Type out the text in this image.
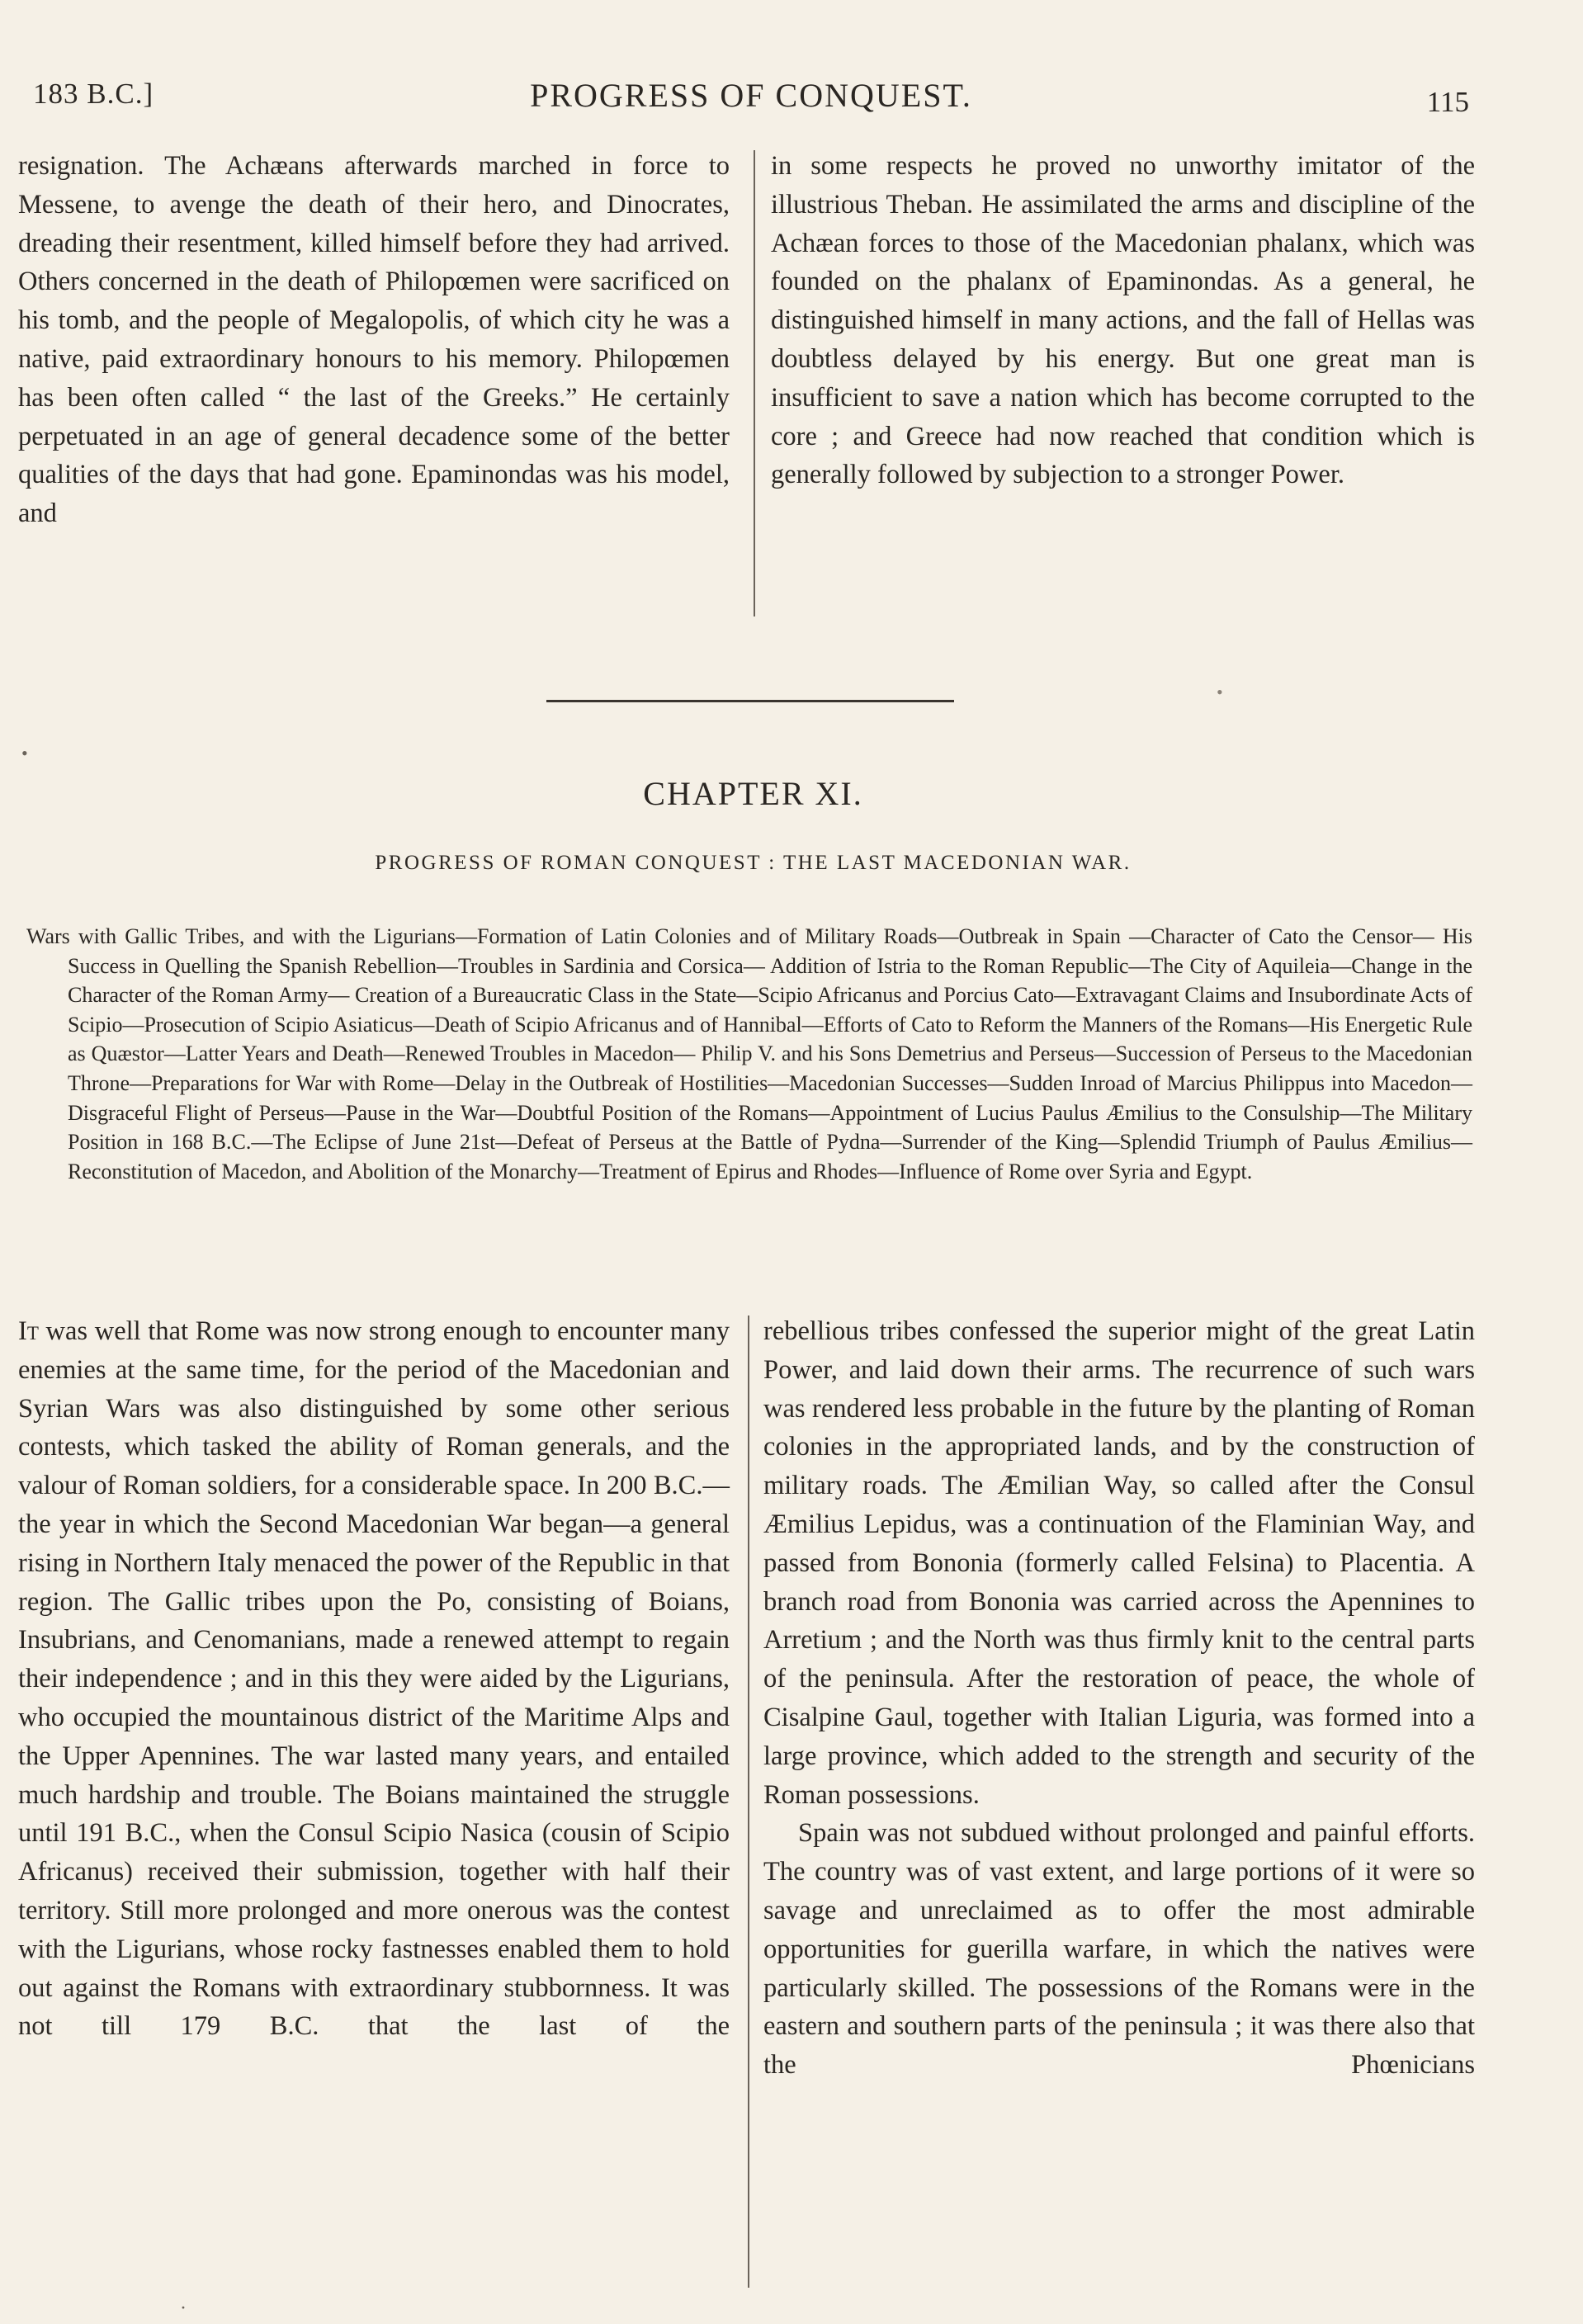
183 B.C.]	PROGRESS OF CONQUEST.	115

resignation. The Achæans afterwards marched in force to Messene, to avenge the death of their hero, and Dinocrates, dreading their resentment, killed himself before they had arrived. Others concerned in the death of Philopœmen were sacrificed on his tomb, and the people of Megalopolis, of which city he was a native, paid extraordinary honours to his memory. Philopœmen has been often called “ the last of the Greeks.” He certainly perpetuated in an age of general decadence some of the better qualities of the days that had gone. Epaminondas was his model, and

in some respects he proved no unworthy imitator of the illustrious Theban. He assimilated the arms and discipline of the Achæan forces to those of the Macedonian phalanx, which was founded on the phalanx of Epaminondas. As a general, he distinguished himself in many actions, and the fall of Hellas was doubtless delayed by his energy. But one great man is insufficient to save a nation which has become corrupted to the core ; and Greece had now reached that condition which is generally followed by subjection to a stronger Power.

•
•
CHAPTER XI.
PROGRESS OF ROMAN CONQUEST : THE LAST MACEDONIAN WAR.
Wars with Gallic Tribes, and with the Ligurians—Formation of Latin Colonies and of Military Roads—Outbreak in Spain —Character of Cato the Censor— His Success in Quelling the Spanish Rebellion—Troubles in Sardinia and Corsica— Addition of Istria to the Roman Republic—The City of Aquileia—Change in the Character of the Roman Army— Creation of a Bureaucratic Class in the State—Scipio Africanus and Porcius Cato—Extravagant Claims and Insubordinate Acts of Scipio—Prosecution of Scipio Asiaticus—Death of Scipio Africanus and of Hannibal—Efforts of Cato to Reform the Manners of the Romans—His Energetic Rule as Quæstor—Latter Years and Death—Renewed Troubles in Macedon— Philip V. and his Sons Demetrius and Perseus—Succession of Perseus to the Macedonian Throne—Preparations for War with Rome—Delay in the Outbreak of Hostilities—Macedonian Successes—Sudden Inroad of Marcius Philippus into Macedon—Disgraceful Flight of Perseus—Pause in the War—Doubtful Position of the Romans—Appointment of Lucius Paulus Æmilius to the Consulship—The Military Position in 168 B.C.—The Eclipse of June 21st—Defeat of Perseus at the Battle of Pydna—Surrender of the King—Splendid Triumph of Paulus Æmilius—Reconstitution of Macedon, and Abolition of the Monarchy—Treatment of Epirus and Rhodes—Influence of Rome over Syria and Egypt.

It was well that Rome was now strong enough to encounter many enemies at the same time, for the period of the Macedonian and Syrian Wars was also distinguished by some other serious contests, which tasked the ability of Roman generals, and the valour of Roman soldiers, for a considerable space. In 200 B.C.—the year in which the Second Macedonian War began—a general rising in Northern Italy menaced the power of the Republic in that region. The Gallic tribes upon the Po, consisting of Boians, Insubrians, and Cenomanians, made a renewed attempt to regain their independence ; and in this they were aided by the Ligurians, who occupied the mountainous district of the Maritime Alps and the Upper Apennines. The war lasted many years, and entailed much hardship and trouble. The Boians maintained the struggle until 191 B.C., when the Consul Scipio Nasica (cousin of Scipio Africanus) received their submission, together with half their territory. Still more prolonged and more onerous was the contest with the Ligurians, whose rocky fastnesses enabled them to hold out against the Romans with extraordinary stubbornness. It was not till 179 B.C. that the last of the

rebellious tribes confessed the superior might of the great Latin Power, and laid down their arms. The recurrence of such wars was rendered less probable in the future by the planting of Roman colonies in the appropriated lands, and by the construction of military roads. The Æmilian Way, so called after the Consul Æmilius Lepidus, was a continuation of the Flaminian Way, and passed from Bononia (formerly called Felsina) to Placentia. A branch road from Bononia was carried across the Apennines to Arretium ; and the North was thus firmly knit to the central parts of the peninsula. After the restoration of peace, the whole of Cisalpine Gaul, together with Italian Liguria, was formed into a large province, which added to the strength and security of the Roman possessions.

Spain was not subdued without prolonged and painful efforts. The country was of vast extent, and large portions of it were so savage and unreclaimed as to offer the most admirable opportunities for guerilla warfare, in which the natives were particularly skilled. The possessions of the Romans were in the eastern and southern parts of the peninsula ; it was there also that the Phœnicians

·
